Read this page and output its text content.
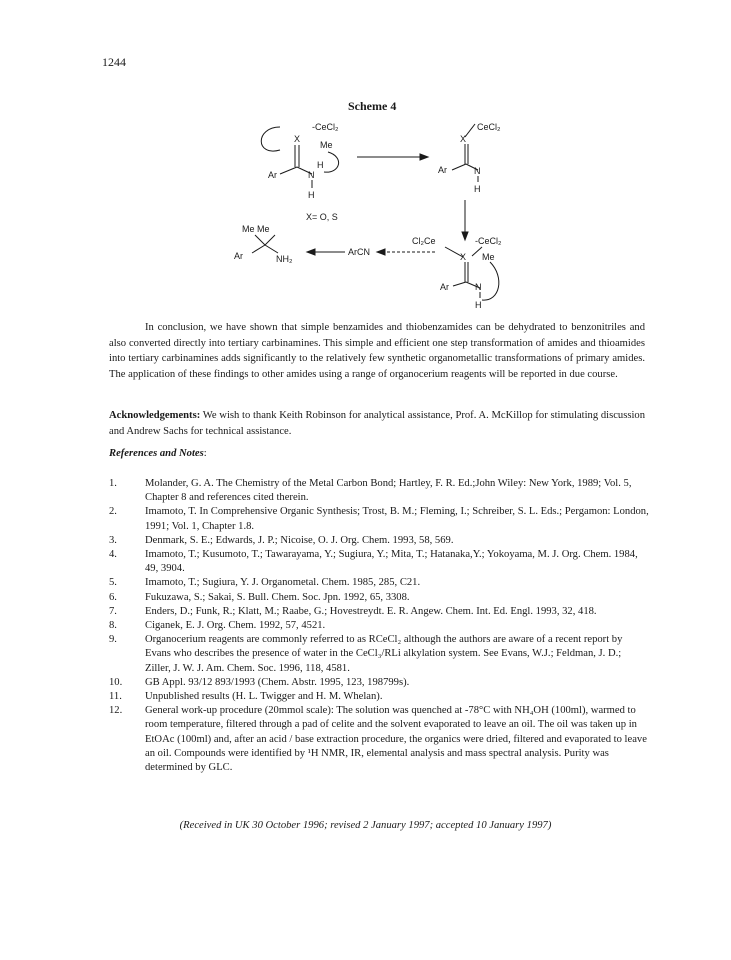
1244
Scheme 4
-CeCl₂
X
Me
Ar	N
H
H
X= O, S
CeCl₂
X
Ar	N
H
Cl₂Ce	-CeCl₂
X Me
Ar	N
H
ArCN
Me Me
Ar	NH₂

In conclusion, we have shown that simple benzamides and thiobenzamides can be dehydrated to benzonitriles and also converted directly into tertiary carbinamines. This simple and efficient one step transformation of amides and thioamides into tertiary carbinamines adds significantly to the relatively few synthetic organometallic transformations of primary amides. The application of these findings to other amides using a range of organocerium reagents will be reported in due course.

Acknowledgements: We wish to thank Keith Robinson for analytical assistance, Prof. A. McKillop for stimulating discussion and Andrew Sachs for technical assistance.

References and Notes:
1.	Molander, G. A. The Chemistry of the Metal Carbon Bond; Hartley, F. R. Ed.;John Wiley: New York, 1989; Vol. 5, Chapter 8 and references cited therein.
2.	Imamoto, T. In Comprehensive Organic Synthesis; Trost, B. M.; Fleming, I.; Schreiber, S. L. Eds.; Pergamon: London, 1991; Vol. 1, Chapter 1.8.
3.	Denmark, S. E.; Edwards, J. P.; Nicoise, O. J. Org. Chem. 1993, 58, 569.
4.	Imamoto, T.; Kusumoto, T.; Tawarayama, Y.; Sugiura, Y.; Mita, T.; Hatanaka,Y.; Yokoyama, M. J. Org. Chem. 1984, 49, 3904.
5.	Imamoto, T.; Sugiura, Y. J. Organometal. Chem. 1985, 285, C21.
6.	Fukuzawa, S.; Sakai, S. Bull. Chem. Soc. Jpn. 1992, 65, 3308.
7.	Enders, D.; Funk, R.; Klatt, M.; Raabe, G.; Hovestreydt. E. R. Angew. Chem. Int. Ed. Engl. 1993, 32, 418.
8.	Ciganek, E. J. Org. Chem. 1992, 57, 4521.
9.	Organocerium reagents are commonly referred to as RCeCl₂ although the authors are aware of a recent report by Evans who describes the presence of water in the CeCl₃/RLi alkylation system. See Evans, W.J.; Feldman, J. D.; Ziller, J. W. J. Am. Chem. Soc. 1996, 118, 4581.
10. GB Appl. 93/12 893/1993 (Chem. Abstr. 1995, 123, 198799s).
11. Unpublished results (H. L. Twigger and H. M. Whelan).
12. General work-up procedure (20mmol scale): The solution was quenched at -78°C with NH₄OH (100ml), warmed to room temperature, filtered through a pad of celite and the solvent evaporated to leave an oil. The oil was taken up in EtOAc (100ml) and, after an acid / base extraction procedure, the organics were dried, filtered and evaporated to leave an oil. Compounds were identified by ¹H NMR, IR, elemental analysis and mass spectral analysis. Purity was determined by GLC.
(Received in UK 30 October 1996; revised 2 January 1997; accepted 10 January 1997)
